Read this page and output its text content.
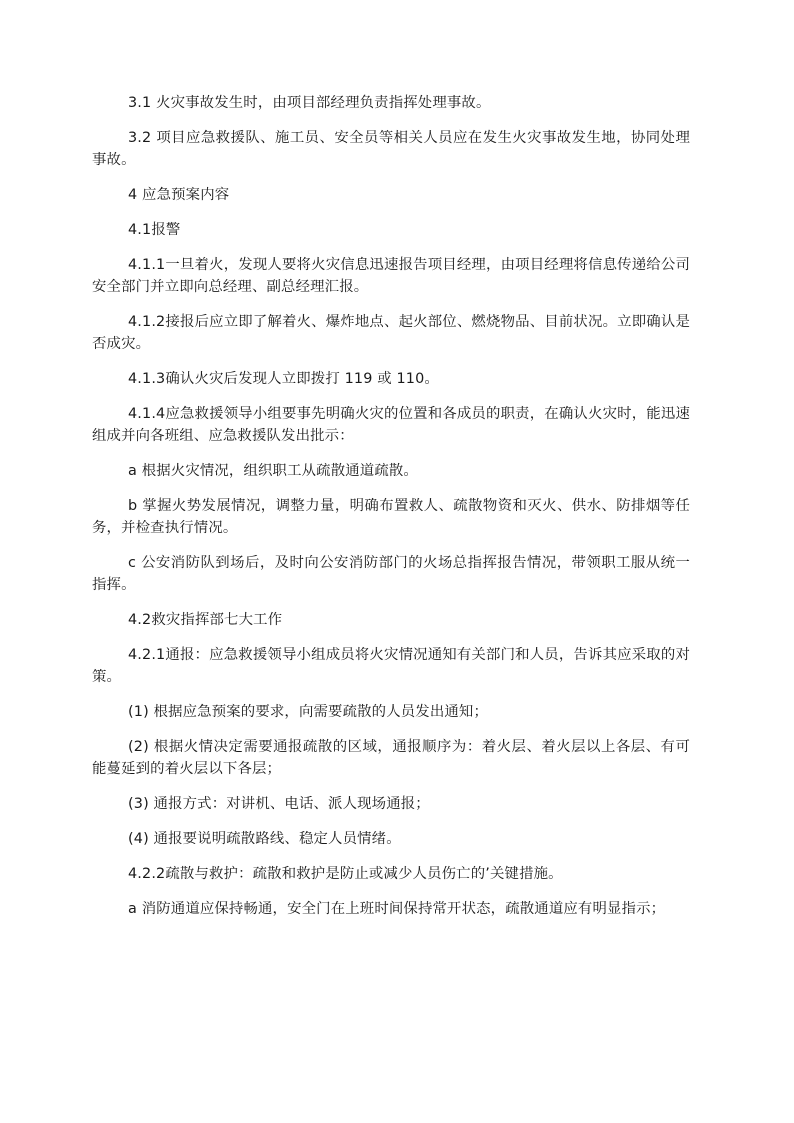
3.1 火灾事故发生时，由项目部经理负责指挥处理事故。

3.2 项目应急救援队、施工员、安全员等相关人员应在发生火灾事故发生地，协同处理事故。

4 应急预案内容

4.1报警

4.1.1一旦着火，发现人要将火灾信息迅速报告项目经理，由项目经理将信息传递给公司安全部门并立即向总经理、副总经理汇报。

4.1.2接报后应立即了解着火、爆炸地点、起火部位、燃烧物品、目前状况。立即确认是否成灾。

4.1.3确认火灾后发现人立即拨打 119 或 110。

4.1.4应急救援领导小组要事先明确火灾的位置和各成员的职责，在确认火灾时，能迅速组成并向各班组、应急救援队发出批示：

a 根据火灾情况，组织职工从疏散通道疏散。

b 掌握火势发展情况，调整力量，明确布置救人、疏散物资和灭火、供水、防排烟等任务，并检查执行情况。

c 公安消防队到场后，及时向公安消防部门的火场总指挥报告情况，带领职工服从统一指挥。

4.2救灾指挥部七大工作

4.2.1通报：应急救援领导小组成员将火灾情况通知有关部门和人员，告诉其应采取的对策。

(1) 根据应急预案的要求，向需要疏散的人员发出通知；

(2) 根据火情决定需要通报疏散的区域，通报顺序为：着火层、着火层以上各层、有可能蔓延到的着火层以下各层；

(3) 通报方式：对讲机、电话、派人现场通报；

(4) 通报要说明疏散路线、稳定人员情绪。

4.2.2疏散与救护：疏散和救护是防止或减少人员伤亡的’关键措施。

a 消防通道应保持畅通，安全门在上班时间保持常开状态，疏散通道应有明显指示；
